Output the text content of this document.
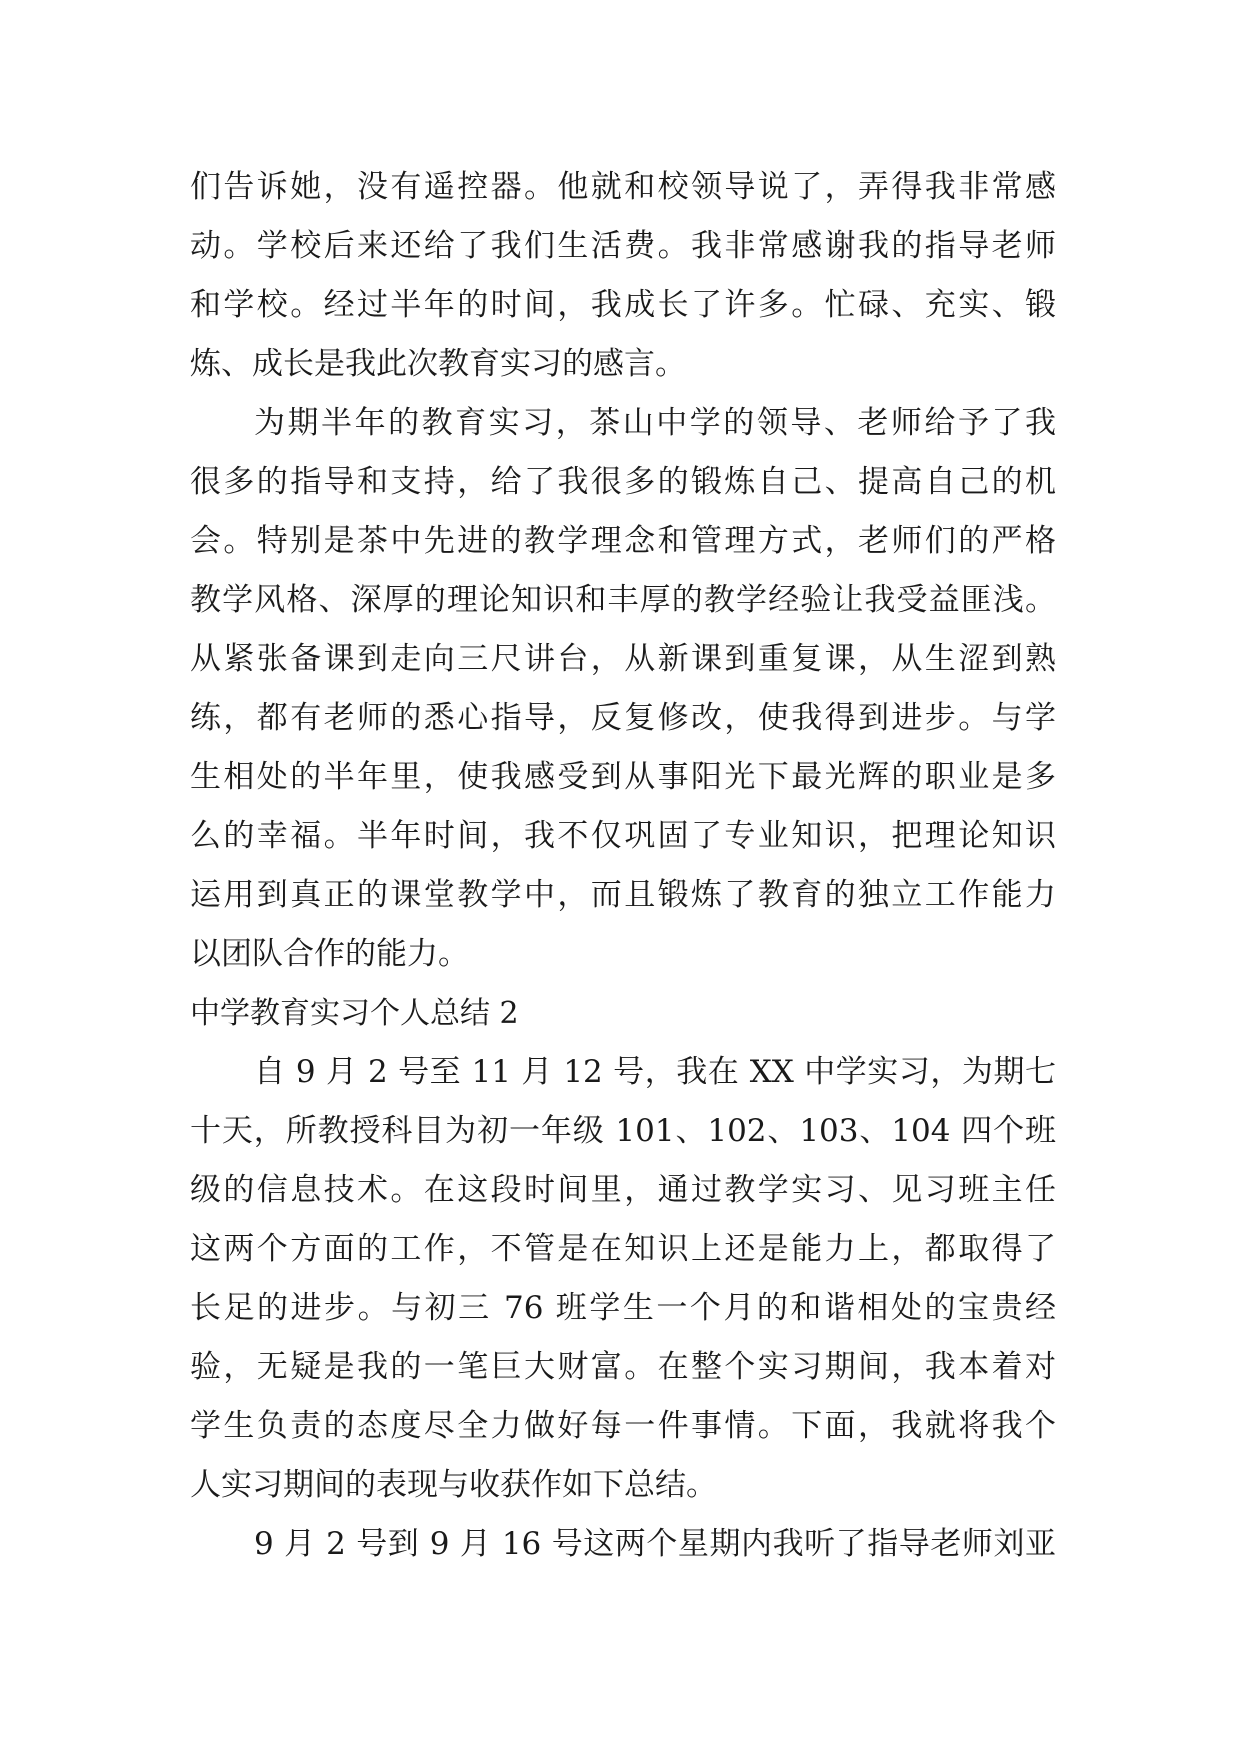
们告诉她，没有遥控器。他就和校领导说了，弄得我非常感
动。学校后来还给了我们生活费。我非常感谢我的指导老师
和学校。经过半年的时间，我成长了许多。忙碌、充实、锻
炼、成长是我此次教育实习的感言。
为期半年的教育实习，茶山中学的领导、老师给予了我
很多的指导和支持，给了我很多的锻炼自己、提高自己的机
会。特别是茶中先进的教学理念和管理方式，老师们的严格
教学风格、深厚的理论知识和丰厚的教学经验让我受益匪浅。
从紧张备课到走向三尺讲台，从新课到重复课，从生涩到熟
练，都有老师的悉心指导，反复修改，使我得到进步。与学
生相处的半年里，使我感受到从事阳光下最光辉的职业是多
么的幸福。半年时间，我不仅巩固了专业知识，把理论知识
运用到真正的课堂教学中，而且锻炼了教育的独立工作能力
以团队合作的能力。
中学教育实习个人总结 2
自 9 月 2 号至 11 月 12 号，我在 XX 中学实习，为期七
十天，所教授科目为初一年级 101、102、103、104 四个班
级的信息技术。在这段时间里，通过教学实习、见习班主任
这两个方面的工作，不管是在知识上还是能力上，都取得了
长足的进步。与初三 76 班学生一个月的和谐相处的宝贵经
验，无疑是我的一笔巨大财富。在整个实习期间，我本着对
学生负责的态度尽全力做好每一件事情。下面，我就将我个
人实习期间的表现与收获作如下总结。
9 月 2 号到 9 月 16 号这两个星期内我听了指导老师刘亚
